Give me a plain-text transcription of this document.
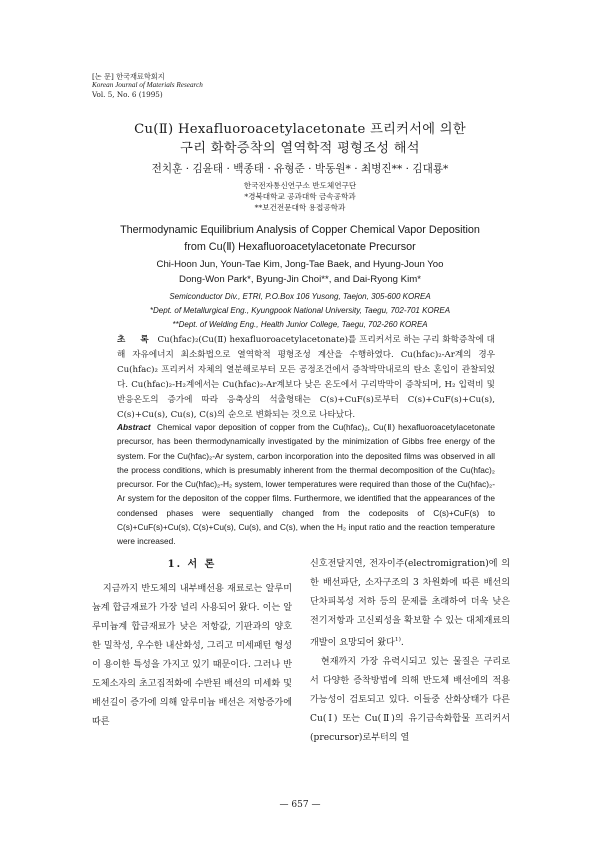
[논 문] 한국재료학회지
Korean Journal of Materials Research
Vol. 5, No. 6 (1995)
Cu(Ⅱ) Hexafluoroacetylacetonate 프리커서에 의한
구리 화학증착의 열역학적 평형조성 해석
전치훈 · 김윤태 · 백종태 · 유형준 · 박동원* · 최병진** · 김대룡*
한국전자통신연구소 반도체연구단
*경북대학교 공과대학 금속공학과
**보건전문대학 용접공학과
Thermodynamic Equilibrium Analysis of Copper Chemical Vapor Deposition
from Cu(Ⅱ) Hexafluoroacetylacetonate Precursor
Chi-Hoon Jun, Youn-Tae Kim, Jong-Tae Baek, and Hyung-Joun Yoo
Dong-Won Park*, Byung-Jin Choi**, and Dai-Ryong Kim*
Semiconductor Div., ETRI, P.O.Box 106 Yusong, Taejon, 305-600 KOREA
*Dept. of Metallurgical Eng., Kyungpook National University, Taegu, 702-701 KOREA
**Dept. of Welding Eng., Health Junior College, Taegu, 702-260 KOREA
초 록 Cu(hfac)₂(Cu(Ⅱ) hexafluoroacetylacetonate)를 프리커서로 하는 구리 화학증착에 대해 자유에너지 최소화법으로 열역학적 평형조성 계산을 수행하였다. Cu(hfac)₂-Ar계의 경우 Cu(hfac)₂ 프리커서 자체의 열분해로부터 모든 공정조건에서 증착박막내로의 탄소 혼입이 관찰되었다. Cu(hfac)₂-H₂계에서는 Cu(hfac)₂-Ar계보다 낮은 온도에서 구리박막이 증착되며, H₂ 입력비 및 반응온도의 증가에 따라 응축상의 석출형태는 C(s)+CuF(s)로부터 C(s)+CuF(s)+Cu(s), C(s)+Cu(s), Cu(s), C(s)의 순으로 변화되는 것으로 나타났다.
Abstract Chemical vapor deposition of copper from the Cu(hfac)₂, Cu(Ⅱ) hexafluoroacetylacetonate precursor, has been thermodynamically investigated by the minimization of Gibbs free energy of the system. For the Cu(hfac)₂-Ar system, carbon incorporation into the deposited films was observed in all the process conditions, which is presumably inherent from the thermal decomposition of the Cu(hfac)₂ precursor. For the Cu(hfac)₂-H₂ system, lower temperatures were required than those of the Cu(hfac)₂-Ar system for the depositon of the copper films. Furthermore, we identified that the appearances of the condensed phases were sequentially changed from the codeposits of C(s)+CuF(s) to C(s)+CuF(s)+Cu(s), C(s)+Cu(s), Cu(s), and C(s), when the H₂ input ratio and the reaction temperature were increased.
1. 서 론
지금까지 반도체의 내부배선용 재료로는 알루미늄계 합금재료가 가장 널리 사용되어 왔다. 이는 알루미늄계 합금재료가 낮은 저항값, 기판과의 양호한 밀착성, 우수한 내산화성, 그리고 미세패턴 형성이 용이한 특성을 가지고 있기 때문이다. 그러나 반도체소자의 초고집적화에 수반된 배선의 미세화 및 배선길이 증가에 의해 알루미늄 배선은 저항증가에 따른
신호전달지연, 전자이주(electromigration)에 의한 배선파단, 소자구조의 3 차원화에 따른 배선의 단차피복성 저하 등의 문제를 초래하여 더욱 낮은 전기저항과 고신뢰성을 확보할 수 있는 대체재료의 개발이 요망되어 왔다$^{1)}$.
현재까지 가장 유력시되고 있는 물질은 구리로서 다양한 증착방법에 의해 반도체 배선에의 적용 가능성이 검토되고 있다. 이들중 산화상태가 다른 Cu(Ⅰ) 또는 Cu(Ⅱ)의 유기금속화합물 프리커서(precursor)로부터의 열
— 657 —
